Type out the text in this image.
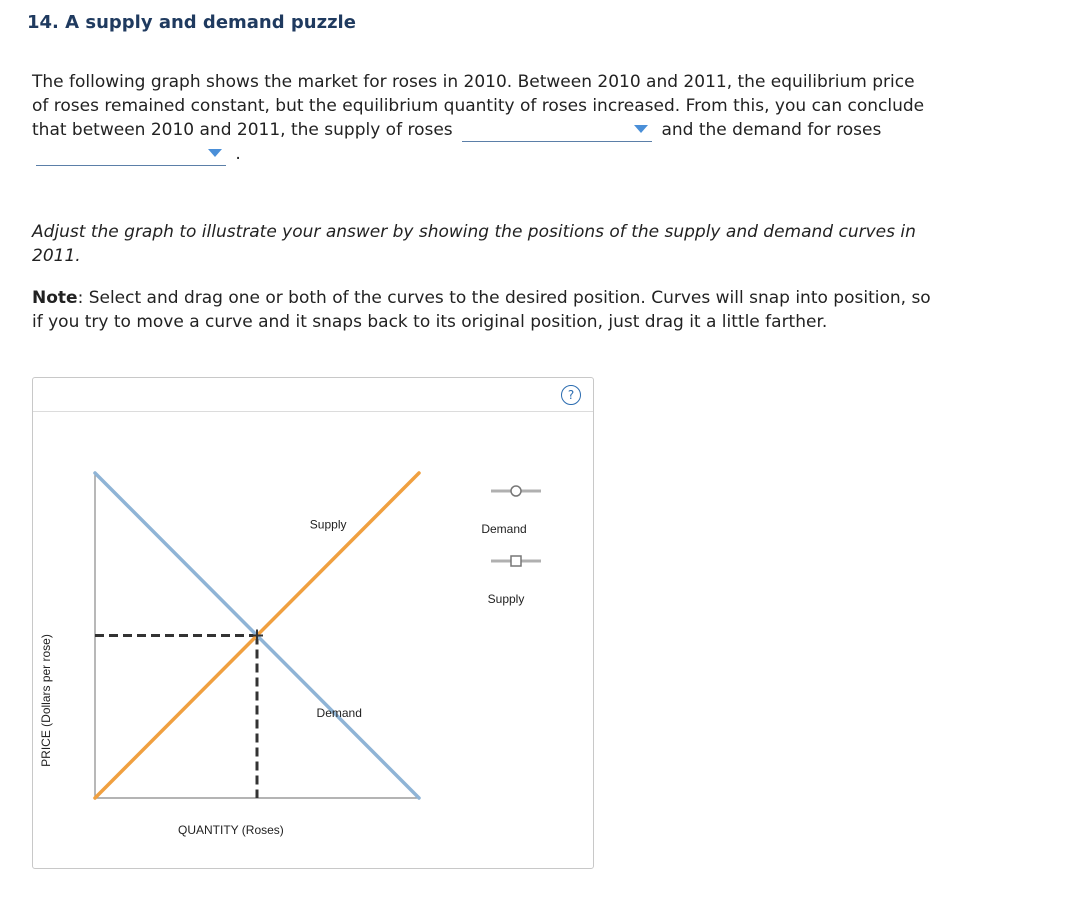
14. A supply and demand puzzle
The following graph shows the market for roses in 2010. Between 2010 and 2011, the equilibrium price of roses remained constant, but the equilibrium quantity of roses increased. From this, you can conclude that between 2010 and 2011, the supply of roses	and the demand for roses
.
Adjust the graph to illustrate your answer by showing the positions of the supply and demand curves in 2011.
Note: Select and drag one or both of the curves to the desired position. Curves will snap into position, so if you try to move a curve and it snaps back to its original position, just drag it a little farther.
?
Supply
Demand
QUANTITY (Roses)
PRICE (Dollars per rose)
Demand
Supply
